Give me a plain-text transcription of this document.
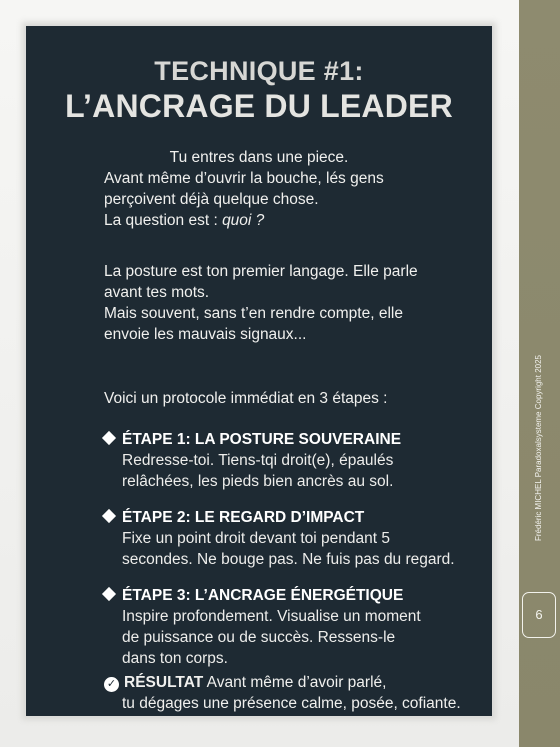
TECHNIQUE #1:
L’ANCRAGE DU LEADER
Tu entres dans une piece.
Avant même d’ouvrir la bouche, lés gens
perçoivent déjà quelque chose.
La question est : quoi ?
La posture est ton premier langage. Elle parle
avant tes mots.
Mais souvent, sans t’en rendre compte, elle
envoie les mauvais signaux...
Voici un protocole immédiat en 3 étapes :
ÉTAPE 1: LA POSTURE SOUVERAINE
Redresse-toi. Tiens-tqi droit(e), épaulés
relâchées, les pieds bien ancrès au sol.
ÉTAPE 2: LE REGARD D’IMPACT
Fixe un point droit devant toi pendant 5
secondes. Ne bouge pas. Ne fuis pas du regard.
ÉTAPE 3: L’ANCRAGE ÉNERGÉTIQUE
Inspire profondement. Visualise un moment
de puissance ou de succès. Ressens-le
dans ton corps.
✓ RÉSULTAT Avant même d’avoir parlé,
tu dégages une présence calme, posée, cofiante.
Frédéric MICHEL Paradoxalsysteme Copyright 2025
6
